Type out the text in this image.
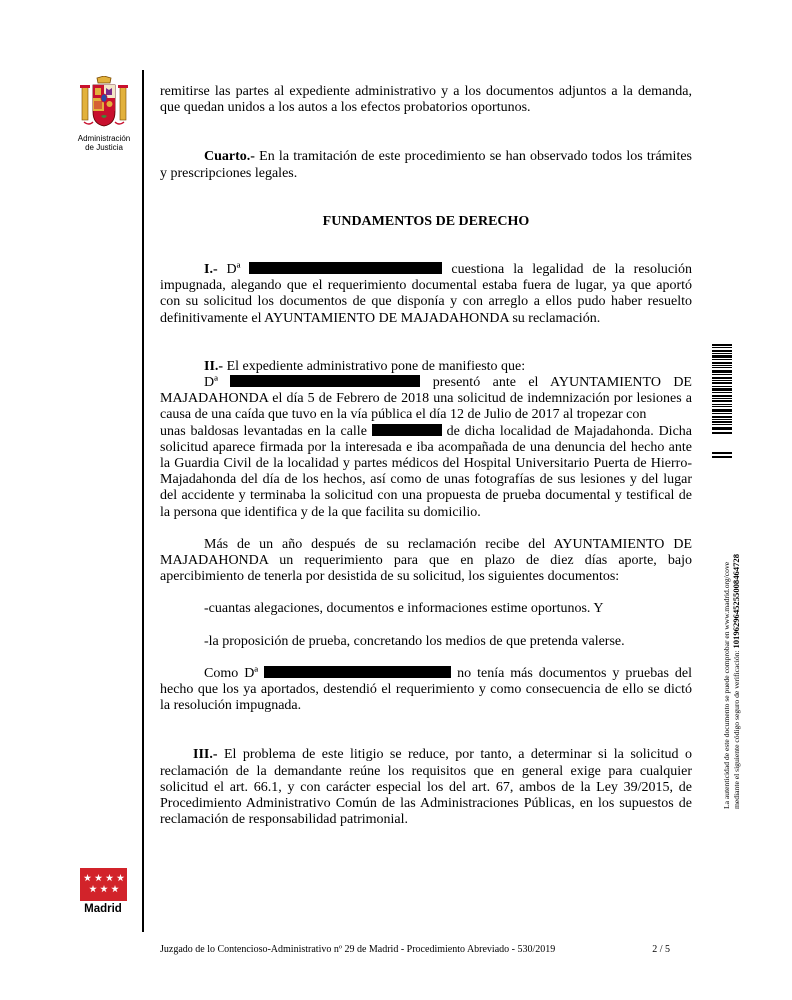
Administración
de Justicia

remitirse las partes al expediente administrativo y a los documentos adjuntos a la demanda, que quedan unidos a los autos a los efectos probatorios oportunos.

Cuarto.- En la tramitación de este procedimiento se han observado todos los trámites y prescripciones legales.

FUNDAMENTOS DE DERECHO

I.- Dª	cuestiona la legalidad de la resolución impugnada, alegando que el requerimiento documental estaba fuera de lugar, ya que aportó con su solicitud los documentos de que disponía y con arreglo a ellos pudo haber resuelto definitivamente el AYUNTAMIENTO DE MAJADAHONDA su reclamación.

II.- El expediente administrativo pone de manifiesto que:

Dª	presentó ante el AYUNTAMIENTO DE MAJADAHONDA el día 5 de Febrero de 2018 una solicitud de indemnización por lesiones a causa de una caída que tuvo en la vía pública el día 12 de Julio de 2017 al tropezar con

unas baldosas levantadas en la calle	de dicha localidad de Majadahonda. Dicha solicitud aparece firmada por la interesada e iba acompañada de una denuncia del hecho ante la Guardia Civil de la localidad y partes médicos del Hospital Universitario Puerta de Hierro-Majadahonda del día de los hechos, así como de unas fotografías de sus lesiones y del lugar del accidente y terminaba la solicitud con una propuesta de prueba documental y testifical de la persona que identifica y de la que facilita su domicilio.

Más de un año después de su reclamación recibe del AYUNTAMIENTO DE MAJADAHONDA un requerimiento para que en plazo de diez días aporte, bajo apercibimiento de tenerla por desistida de su solicitud, los siguientes documentos:

-cuantas alegaciones, documentos e informaciones estime oportunos. Y

-la proposición de prueba, concretando los medios de que pretenda valerse.

Como Dª	no tenía más documentos y pruebas del hecho que los ya aportados, destendió el requerimiento y como consecuencia de ello se dictó la resolución impugnada.

III.- El problema de este litigio se reduce, por tanto, a determinar si la solicitud o reclamación de la demandante reúne los requisitos que en general exige para cualquier solicitud el art. 66.1, y con carácter especial los del art. 67, ambos de la Ley 39/2015, de Procedimiento Administrativo Común de las Administraciones Públicas, en los supuestos de reclamación de responsabilidad patrimonial.

Madrid
La autenticidad de este documento se puede comprobar en www.madrid.org/cove mediante el siguiente código seguro de verificación: 1019629645255008464728
Juzgado de lo Contencioso-Administrativo nº 29 de Madrid - Procedimiento Abreviado - 530/2019	2 / 5
